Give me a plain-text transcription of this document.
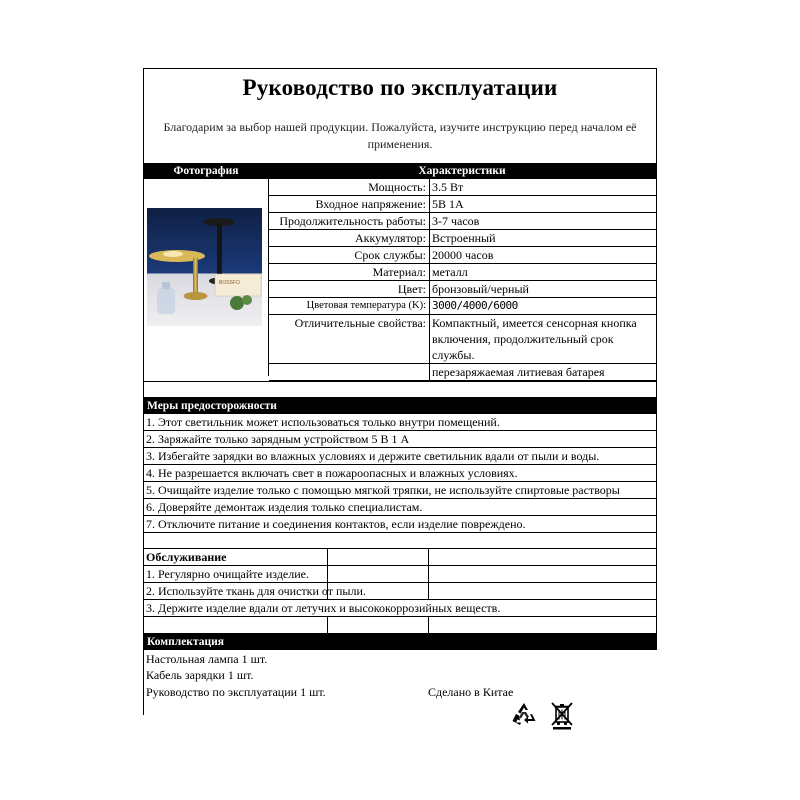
Руководство по эксплуатации
Благодарим за выбор нашей продукции. Пожалуйста, изучите инструкцию перед началом её применения.
Фотография	Характеристики
BOSSFO
Мощность: 3.5 Вт
Входное напряжение: 5В 1А
Продолжительность работы: 3-7 часов
Аккумулятор: Встроенный
Срок службы: 20000 часов
Материал: металл
Цвет: бронзовый/черный
Цветовая температура (K): 3000/4000/6000
Отличительные свойства: Компактный, имеется сенсорная кнопка включения, продолжительный срок службы.
перезаряжаемая литиевая батарея
Меры предосторожности
1. Этот светильник может использоваться только внутри помещений.
2. Заряжайте только зарядным устройством 5 В 1 А
3. Избегайте зарядки во влажных условиях и держите светильник вдали от пыли и воды.
4. Не разрешается включать свет в пожароопасных и влажных условиях.
5. Очищайте изделие только с помощью мягкой тряпки, не используйте спиртовые растворы
6. Доверяйте демонтаж изделия только специалистам.
7. Отключите питание и соединения контактов, если изделие повреждено.
Обслуживание
1. Регулярно очищайте изделие.
2. Используйте ткань для очистки от пыли.
3. Держите изделие вдали от летучих и высококоррозийных веществ.
Комплектация
Настольная лампа 1 шт.
Кабель зарядки 1 шт.
Руководство по эксплуатации 1 шт.	Сделано в Китае
